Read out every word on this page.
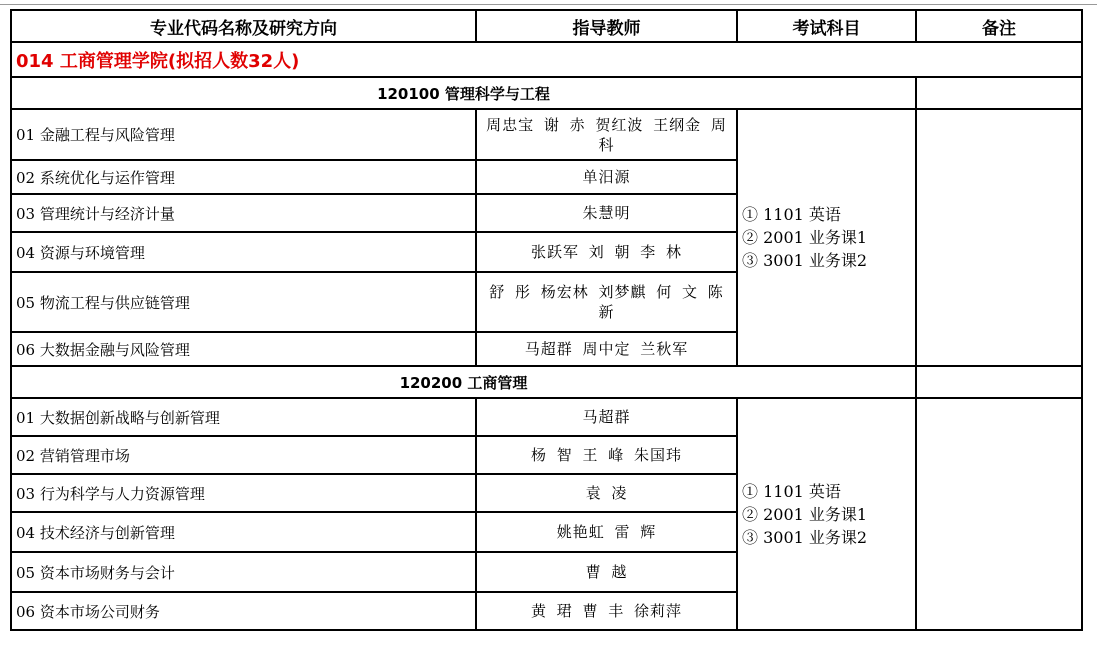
专业代码名称及研究方向	指导教师	考试科目	备注
014 工商管理学院(拟招人数32人)			
120100 管理科学与工程			
01 金融工程与风险管理	周忠宝 谢 赤 贺红波 王纲金 周 科	① 1101 英语
② 2001 业务课1
③ 3001 业务课2	

02 系统优化与运作管理	单汨源		
03 管理统计与经济计量	朱慧明		
04 资源与环境管理	张跃军 刘 朝 李 林		
05 物流工程与供应链管理	舒 彤 杨宏林 刘梦麒 何 文 陈 新		
06 大数据金融与风险管理	马超群 周中定 兰秋军		
120200 工商管理			
01 大数据创新战略与创新管理	马超群	① 1101 英语
② 2001 业务课1
③ 3001 业务课2	

02 营销管理市场	杨 智 王 峰 朱国玮		
03 行为科学与人力资源管理	袁 凌		
04 技术经济与创新管理	姚艳虹 雷 辉		
05 资本市场财务与会计	曹 越		
06 资本市场公司财务	黄 珺 曹 丰 徐莉萍		
